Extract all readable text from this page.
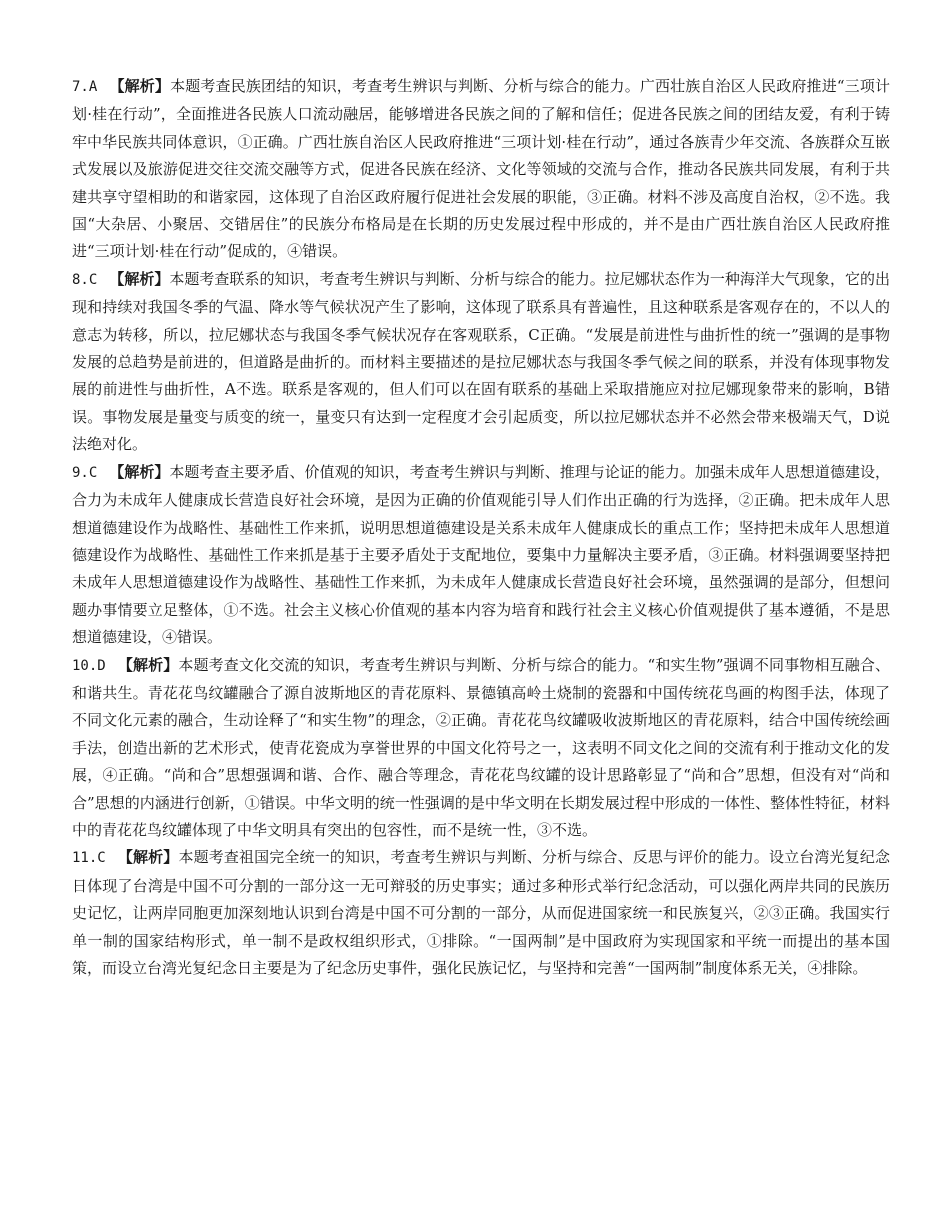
7.A 【解析】本题考查民族团结的知识，考查考生辨识与判断、分析与综合的能力。广西壮族自治区人民政府推进“三项计划·桂在行动”，全面推进各民族人口流动融居，能够增进各民族之间的了解和信任；促进各民族之间的团结友爱，有利于铸牢中华民族共同体意识，①正确。广西壮族自治区人民政府推进“三项计划·桂在行动”，通过各族青少年交流、各族群众互嵌式发展以及旅游促进交往交流交融等方式，促进各民族在经济、文化等领域的交流与合作，推动各民族共同发展，有利于共建共享守望相助的和谐家园，这体现了自治区政府履行促进社会发展的职能，③正确。材料不涉及高度自治权，②不选。我国“大杂居、小聚居、交错居住”的民族分布格局是在长期的历史发展过程中形成的，并不是由广西壮族自治区人民政府推进“三项计划·桂在行动”促成的，④错误。

8.C 【解析】本题考查联系的知识，考查考生辨识与判断、分析与综合的能力。拉尼娜状态作为一种海洋大气现象，它的出现和持续对我国冬季的气温、降水等气候状况产生了影响，这体现了联系具有普遍性，且这种联系是客观存在的，不以人的意志为转移，所以，拉尼娜状态与我国冬季气候状况存在客观联系，C正确。“发展是前进性与曲折性的统一”强调的是事物发展的总趋势是前进的，但道路是曲折的。而材料主要描述的是拉尼娜状态与我国冬季气候之间的联系，并没有体现事物发展的前进性与曲折性，A不选。联系是客观的，但人们可以在固有联系的基础上采取措施应对拉尼娜现象带来的影响，B错误。事物发展是量变与质变的统一，量变只有达到一定程度才会引起质变，所以拉尼娜状态并不必然会带来极端天气，D说法绝对化。

9.C 【解析】本题考查主要矛盾、价值观的知识，考查考生辨识与判断、推理与论证的能力。加强未成年人思想道德建设，合力为未成年人健康成长营造良好社会环境，是因为正确的价值观能引导人们作出正确的行为选择，②正确。把未成年人思想道德建设作为战略性、基础性工作来抓，说明思想道德建设是关系未成年人健康成长的重点工作；坚持把未成年人思想道德建设作为战略性、基础性工作来抓是基于主要矛盾处于支配地位，要集中力量解决主要矛盾，③正确。材料强调要坚持把未成年人思想道德建设作为战略性、基础性工作来抓，为未成年人健康成长营造良好社会环境，虽然强调的是部分，但想问题办事情要立足整体，①不选。社会主义核心价值观的基本内容为培育和践行社会主义核心价值观提供了基本遵循，不是思想道德建设，④错误。

10.D 【解析】本题考查文化交流的知识，考查考生辨识与判断、分析与综合的能力。“和实生物”强调不同事物相互融合、和谐共生。青花花鸟纹罐融合了源自波斯地区的青花原料、景德镇高岭土烧制的瓷器和中国传统花鸟画的构图手法，体现了不同文化元素的融合，生动诠释了“和实生物”的理念，②正确。青花花鸟纹罐吸收波斯地区的青花原料，结合中国传统绘画手法，创造出新的艺术形式，使青花瓷成为享誉世界的中国文化符号之一，这表明不同文化之间的交流有利于推动文化的发展，④正确。“尚和合”思想强调和谐、合作、融合等理念，青花花鸟纹罐的设计思路彰显了“尚和合”思想，但没有对“尚和合”思想的内涵进行创新，①错误。中华文明的统一性强调的是中华文明在长期发展过程中形成的一体性、整体性特征，材料中的青花花鸟纹罐体现了中华文明具有突出的包容性，而不是统一性，③不选。

11.C 【解析】本题考查祖国完全统一的知识，考查考生辨识与判断、分析与综合、反思与评价的能力。设立台湾光复纪念日体现了台湾是中国不可分割的一部分这一无可辩驳的历史事实；通过多种形式举行纪念活动，可以强化两岸共同的民族历史记忆，让两岸同胞更加深刻地认识到台湾是中国不可分割的一部分，从而促进国家统一和民族复兴，②③正确。我国实行单一制的国家结构形式，单一制不是政权组织形式，①排除。“一国两制”是中国政府为实现国家和平统一而提出的基本国策，而设立台湾光复纪念日主要是为了纪念历史事件，强化民族记忆，与坚持和完善“一国两制”制度体系无关，④排除。
